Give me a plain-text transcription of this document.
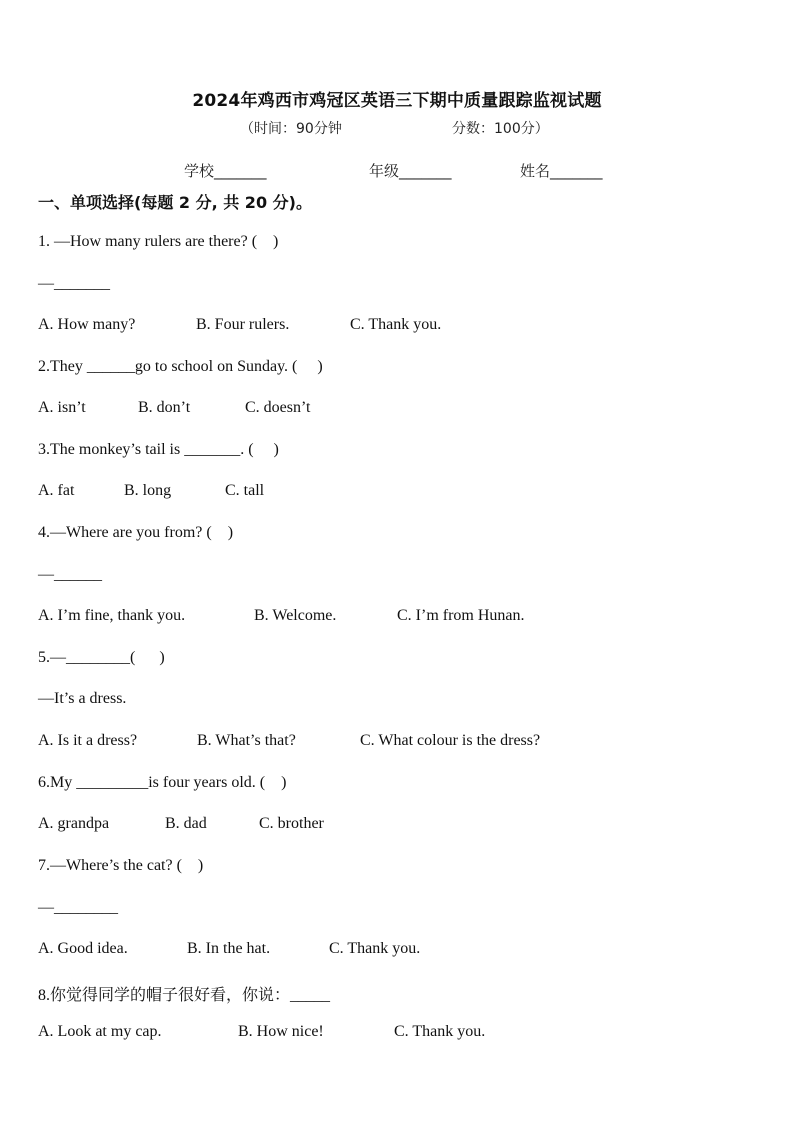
2024年鸡西市鸡冠区英语三下期中质量跟踪监视试题
（时间：90分钟	分数：100分）
学校_______	年级_______	姓名_______
一、单项选择(每题 2 分, 共 20 分)。
1. —How many rulers are there? (    )
—_______
A. How many?	B. Four rulers.	C. Thank you.
2.They ______go to school on Sunday. (     )
A. isn’t	B. don’t	C. doesn’t
3.The monkey’s tail is _______. (     )
A. fat	B. long	C. tall
4.—Where are you from? (    )
—______
A. I’m fine, thank you.	B. Welcome.	C. I’m from Hunan.
5.—________(      )
—It’s a dress.
A. Is it a dress?	B. What’s that?	C. What colour is the dress?
6.My _________is four years old. (    )
A. grandpa	B. dad	C. brother
7.—Where’s the cat? (    )
—________
A. Good idea.	B. In the hat.	C. Thank you.
8.你觉得同学的帽子很好看，你说：_____
A. Look at my cap.	B. How nice!	C. Thank you.
